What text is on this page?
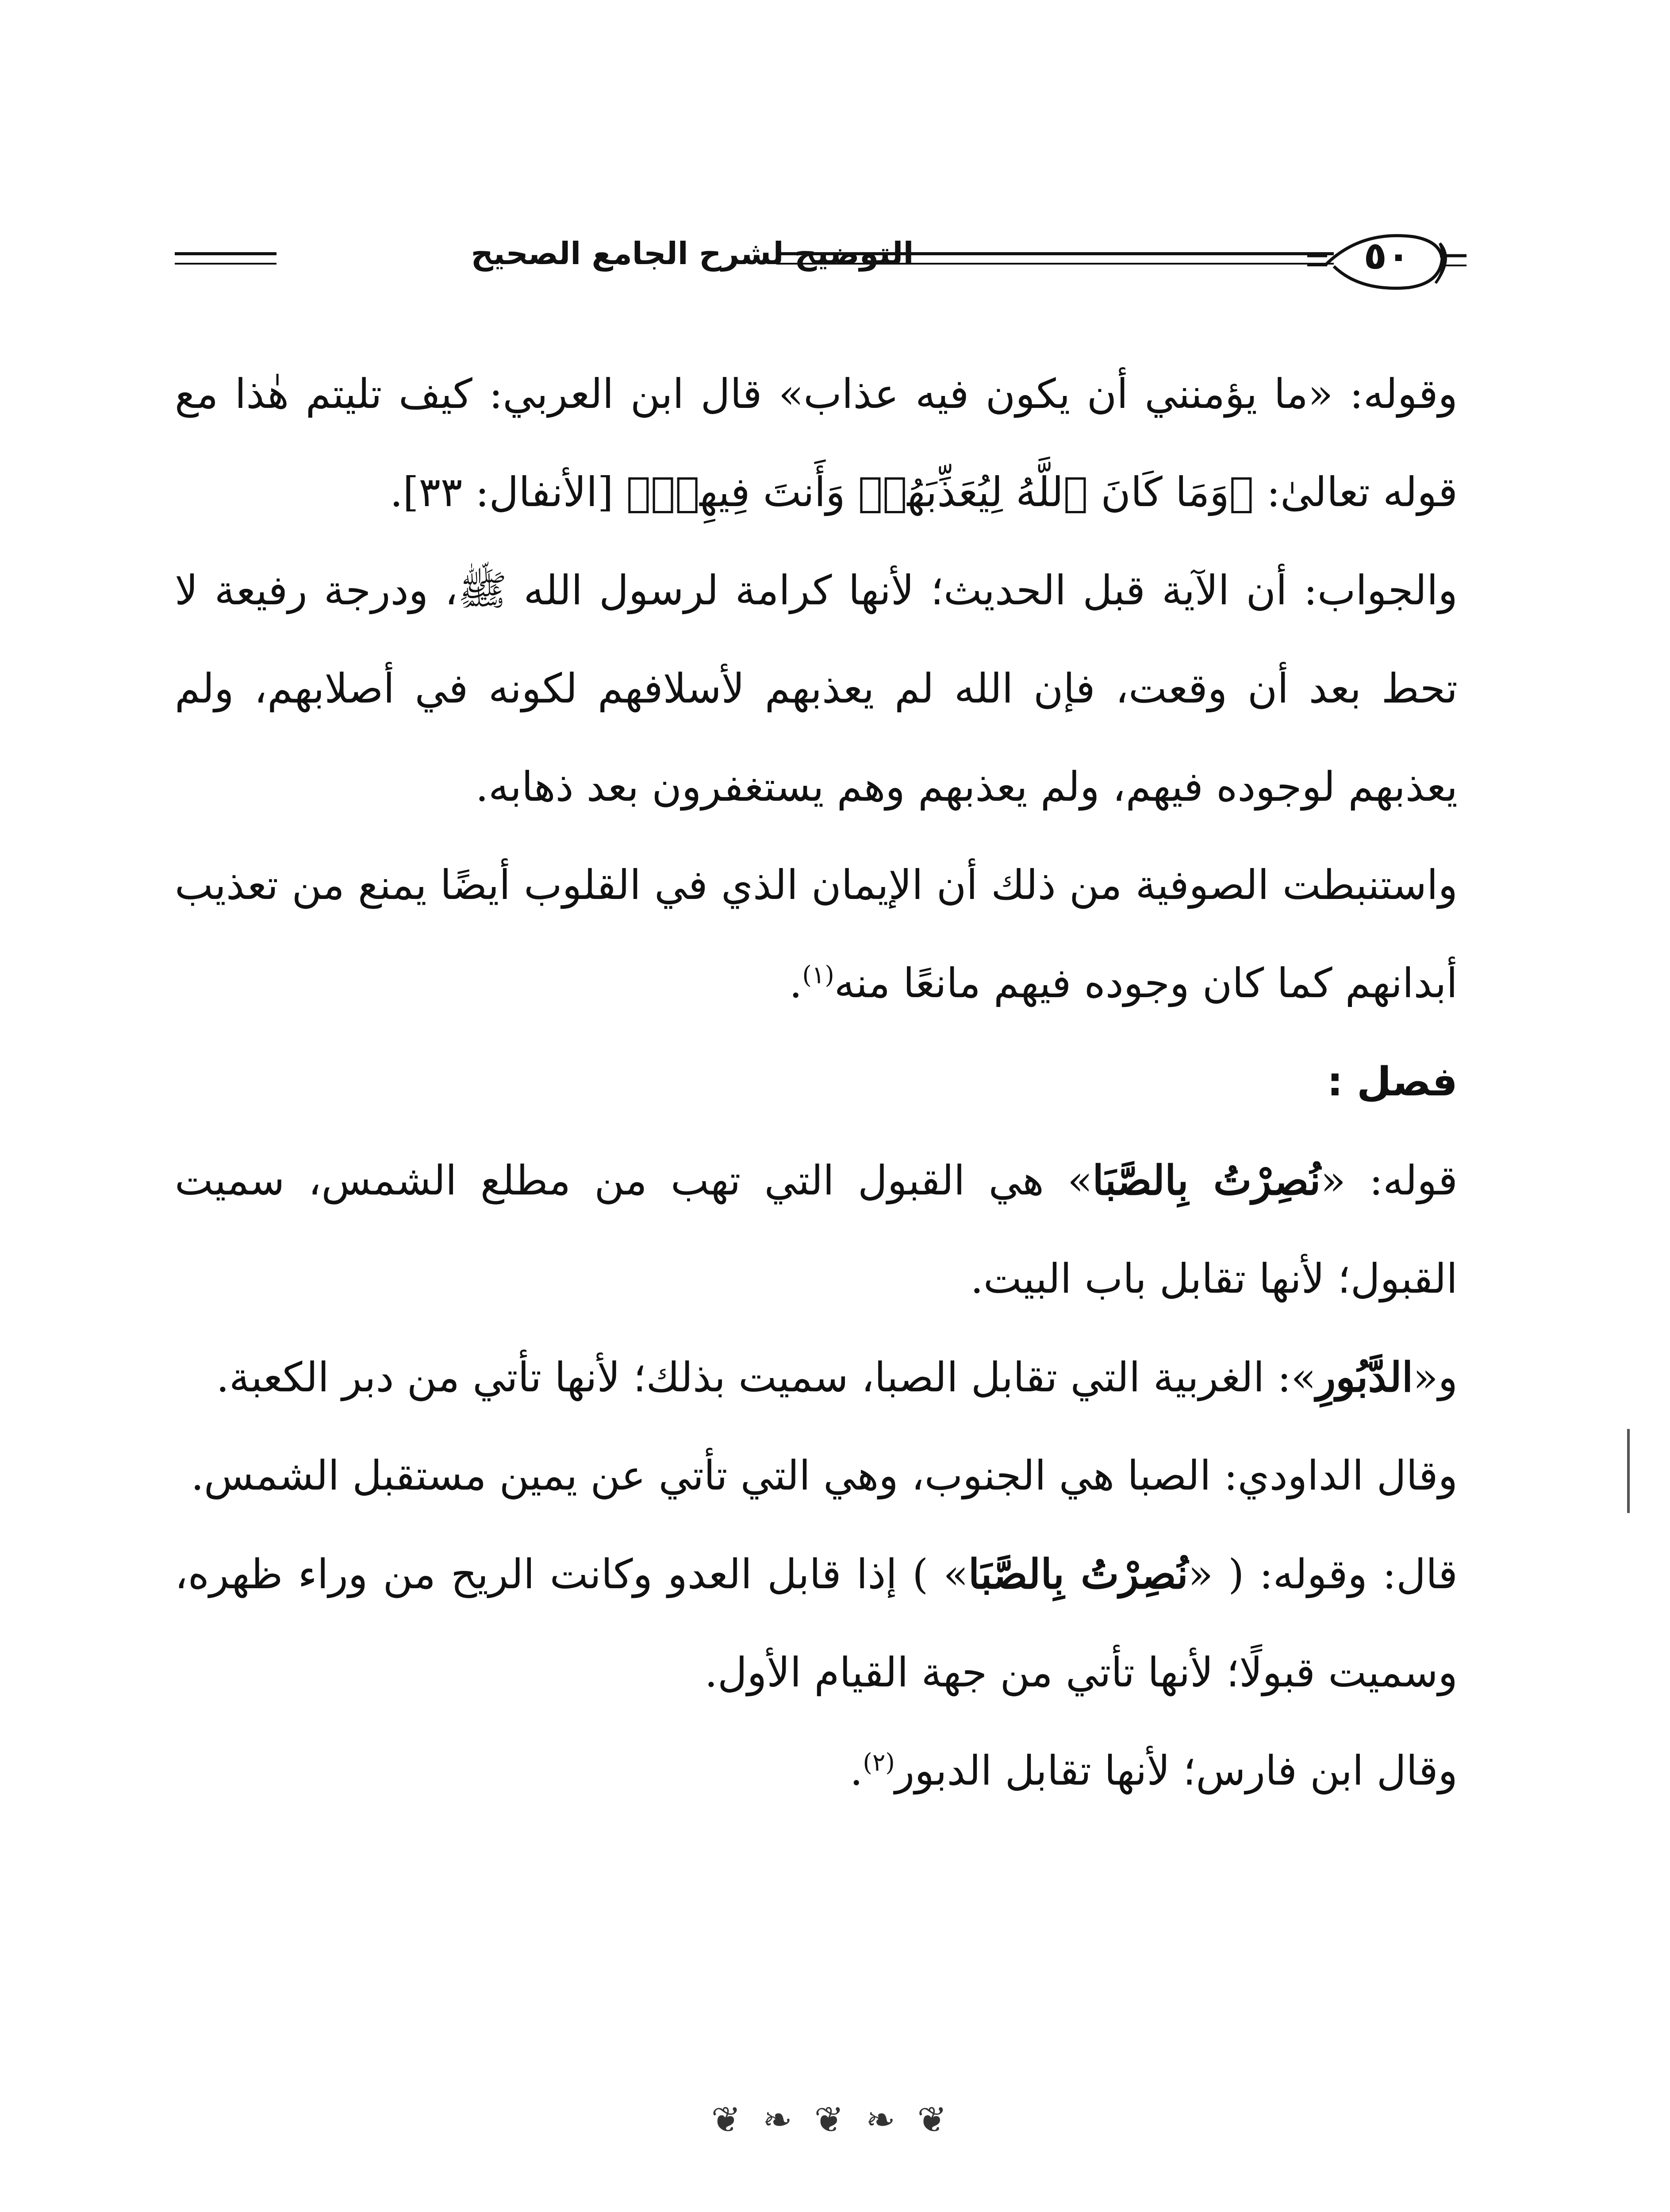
التوضيح لشرح الجامع الصحيح	٥٠

وقوله: «ما يؤمنني أن يكون فيه عذاب» قال ابن العربي: كيف تليتم هٰذا مع قوله تعالىٰ: ﴿وَمَا كَانَ ٱللَّهُ لِيُعَذِّبَهُمۡ وَأَنتَ فِيهِمۡ﴾ [الأنفال: ٣٣].

والجواب: أن الآية قبل الحديث؛ لأنها كرامة لرسول الله ﷺ، ودرجة رفيعة لا تحط بعد أن وقعت، فإن الله لم يعذبهم لأسلافهم لكونه في أصلابهم، ولم يعذبهم لوجوده فيهم، ولم يعذبهم وهم يستغفرون بعد ذهابه.

واستنبطت الصوفية من ذلك أن الإيمان الذي في القلوب أيضًا يمنع من تعذيب أبدانهم كما كان وجوده فيهم مانعًا منه$^{(١)}$.

فصل :

قوله: «نُصِرْتُ بِالصَّبَا» هي القبول التي تهب من مطلع الشمس، سميت القبول؛ لأنها تقابل باب البيت.

و«الدَّبُورِ»: الغربية التي تقابل الصبا، سميت بذلك؛ لأنها تأتي من دبر الكعبة.

وقال الداودي: الصبا هي الجنوب، وهي التي تأتي عن يمين مستقبل الشمس.

قال: وقوله: ( «نُصِرْتُ بِالصَّبَا» ) إذا قابل العدو وكانت الريح من وراء ظهره، وسميت قبولًا؛ لأنها تأتي من جهة القيام الأول.

وقال ابن فارس؛ لأنها تقابل الدبور$^{(٢)}$.

❦ ❧ ❦ ❧ ❦
